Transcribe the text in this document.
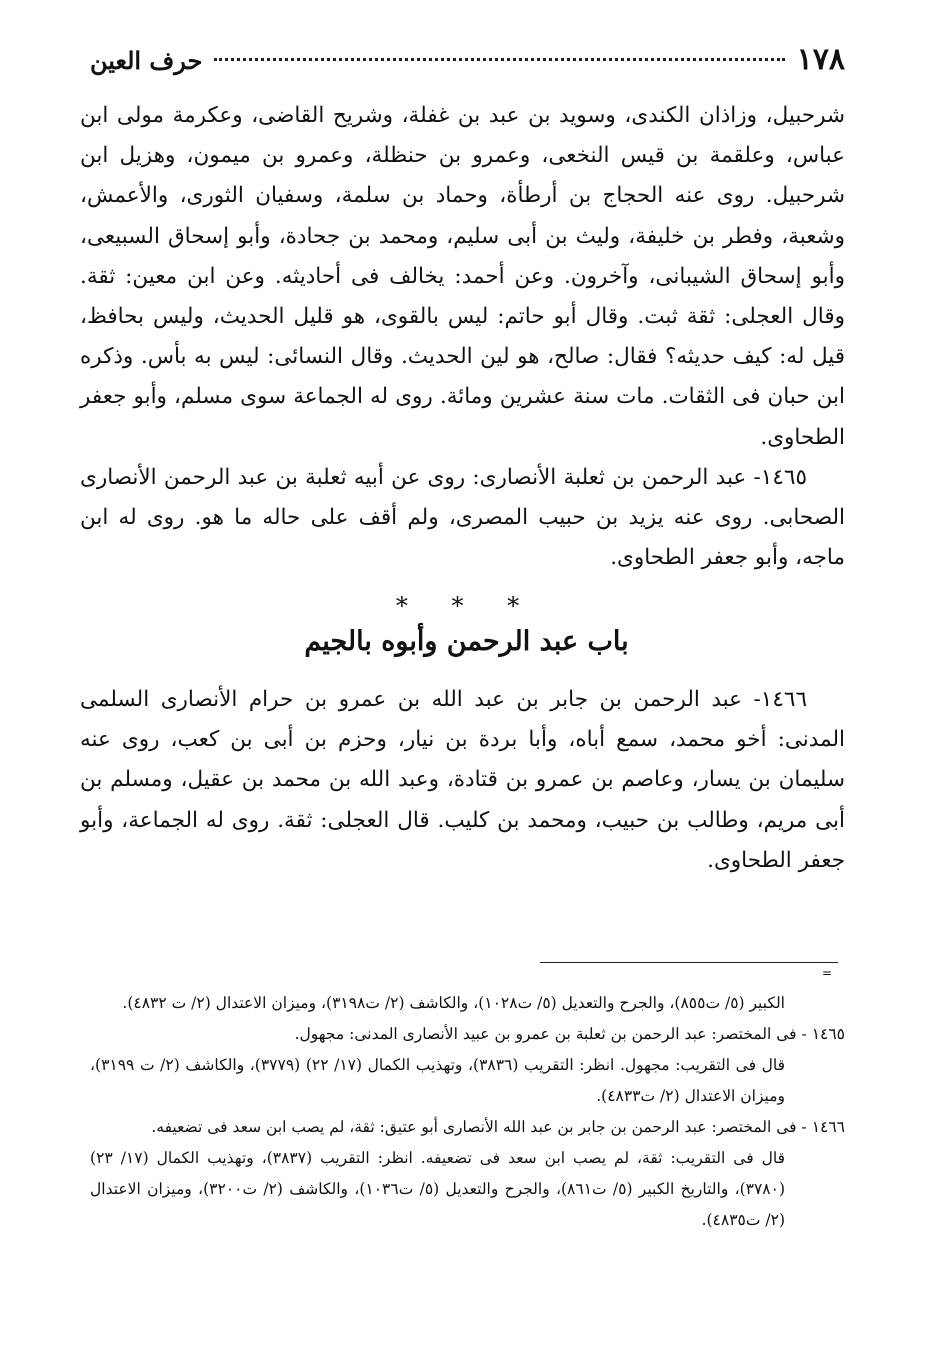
١٧٨
حرف العين

شرحبيل، وزاذان الكندى، وسويد بن عبد بن غفلة، وشريح القاضى، وعكرمة مولى ابن عباس، وعلقمة بن قيس النخعى، وعمرو بن حنظلة، وعمرو بن ميمون، وهزيل ابن شرحبيل. روى عنه الحجاج بن أرطأة، وحماد بن سلمة، وسفيان الثورى، والأعمش، وشعبة، وفطر بن خليفة، وليث بن أبى سليم، ومحمد بن جحادة، وأبو إسحاق السبيعى، وأبو إسحاق الشيبانى، وآخرون. وعن أحمد: يخالف فى أحاديثه. وعن ابن معين: ثقة. وقال العجلى: ثقة ثبت. وقال أبو حاتم: ليس بالقوى، هو قليل الحديث، وليس بحافظ، قيل له: كيف حديثه؟ فقال: صالح، هو لين الحديث. وقال النسائى: ليس به بأس. وذكره ابن حبان فى الثقات. مات سنة عشرين ومائة. روى له الجماعة سوى مسلم، وأبو جعفر الطحاوى.

١٤٦٥- عبد الرحمن بن ثعلبة الأنصارى: روى عن أبيه ثعلبة بن عبد الرحمن الأنصارى الصحابى. روى عنه يزيد بن حبيب المصرى، ولم أقف على حاله ما هو. روى له ابن ماجه، وأبو جعفر الطحاوى.

* * *
باب عبد الرحمن وأبوه بالجيم

١٤٦٦- عبد الرحمن بن جابر بن عبد الله بن عمرو بن حرام الأنصارى السلمى المدنى: أخو محمد، سمع أباه، وأبا بردة بن نيار، وحزم بن أبى بن كعب، روى عنه سليمان بن يسار، وعاصم بن عمرو بن قتادة، وعبد الله بن محمد بن عقيل، ومسلم بن أبى مريم، وطالب بن حبيب، ومحمد بن كليب. قال العجلى: ثقة. روى له الجماعة، وأبو جعفر الطحاوى.

=

الكبير (٥/ ت٨٥٥)، والجرح والتعديل (٥/ ت١٠٢٨)، والكاشف (٢/ ت٣١٩٨)، وميزان الاعتدال (٢/ ت ٤٨٣٢).

١٤٦٥ - فى المختصر: عبد الرحمن بن ثعلبة بن عمرو بن عبيد الأنصارى المدنى: مجهول.

قال فى التقريب: مجهول. انظر: التقريب (٣٨٣٦)، وتهذيب الكمال (١٧/ ٢٢) (٣٧٧٩)، والكاشف (٢/ ت ٣١٩٩)، وميزان الاعتدال (٢/ ت٤٨٣٣).

١٤٦٦ - فى المختصر: عبد الرحمن بن جابر بن عبد الله الأنصارى أبو عتيق: ثقة، لم يصب ابن سعد فى تضعيفه.

قال فى التقريب: ثقة، لم يصب ابن سعد فى تضعيفه. انظر: التقريب (٣٨٣٧)، وتهذيب الكمال (١٧/ ٢٣) (٣٧٨٠)، والتاريخ الكبير (٥/ ت٨٦١)، والجرح والتعديل (٥/ ت١٠٣٦)، والكاشف (٢/ ت٣٢٠٠)، وميزان الاعتدال (٢/ ت٤٨٣٥).
